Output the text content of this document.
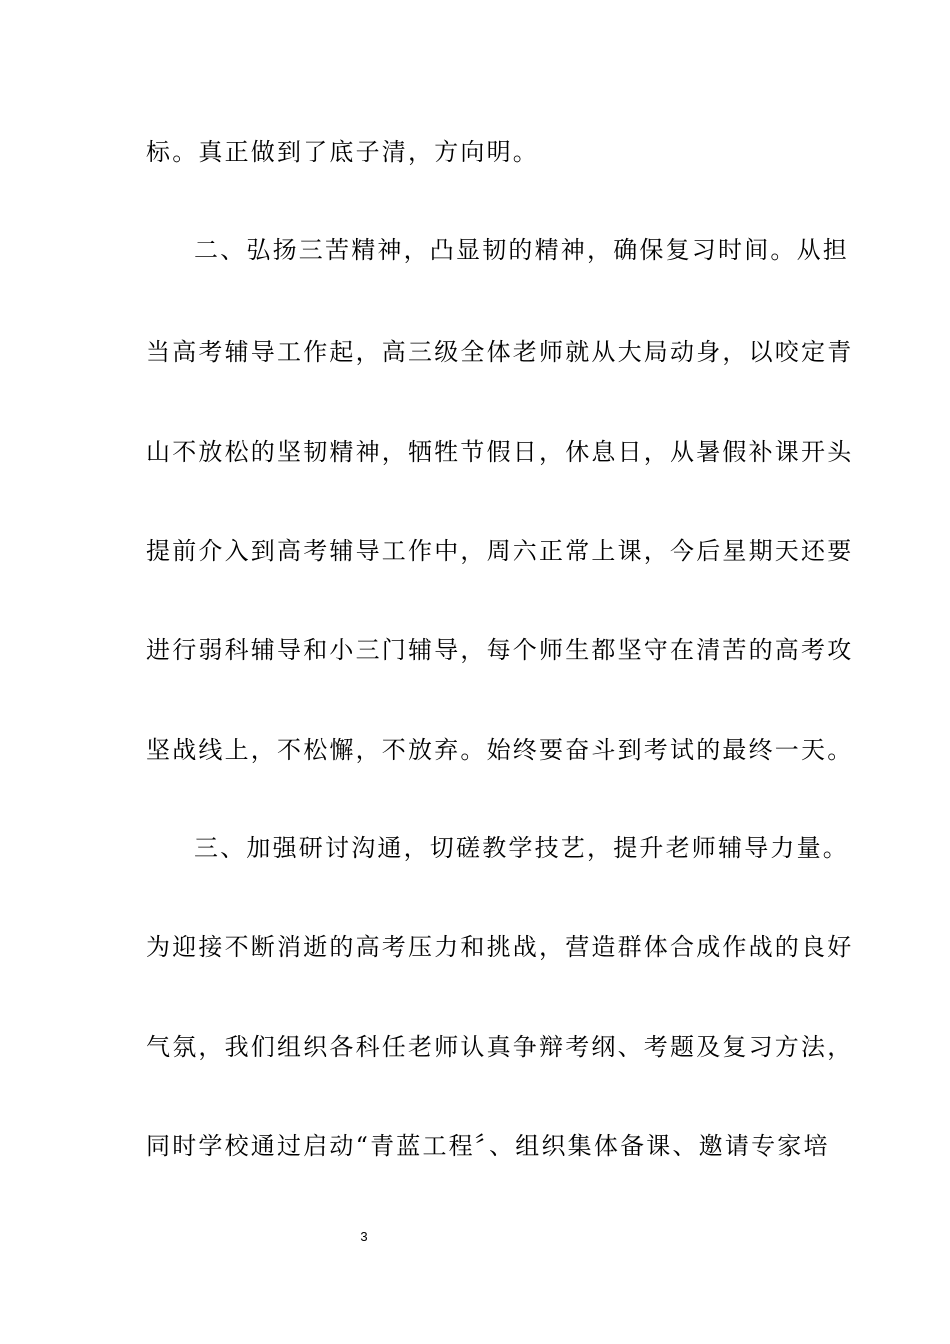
标。真正做到了底子清，方向明。
二、弘扬三苦精神，凸显韧的精神，确保复习时间。从担
当高考辅导工作起，高三级全体老师就从大局动身，以咬定青
山不放松的坚韧精神，牺牲节假日，休息日，从暑假补课开头
提前介入到高考辅导工作中，周六正常上课，今后星期天还要
进行弱科辅导和小三门辅导，每个师生都坚守在清苦的高考攻
坚战线上，不松懈，不放弃。始终要奋斗到考试的最终一天。
三、加强研讨沟通，切磋教学技艺，提升老师辅导力量。
为迎接不断消逝的高考压力和挑战，营造群体合成作战的良好
气氛，我们组织各科任老师认真争辩考纲、考题及复习方法，
同时学校通过启动“青蓝工程〞、组织集体备课、邀请专家培
3
